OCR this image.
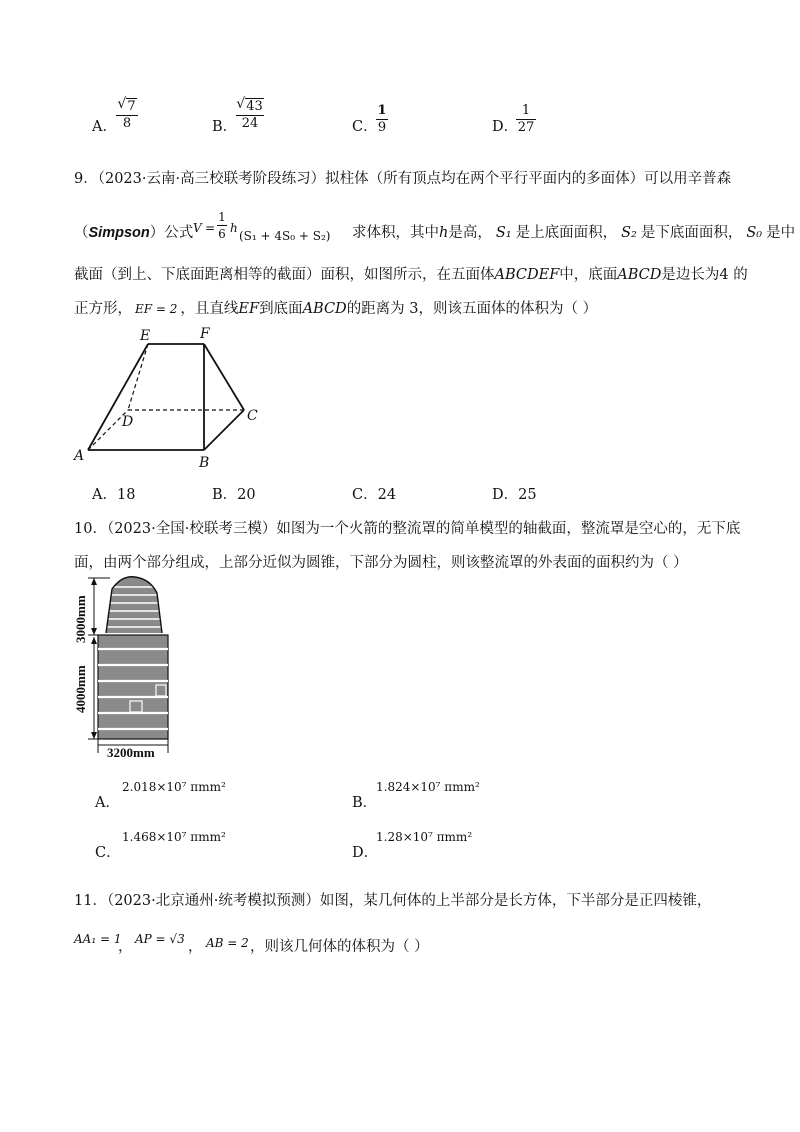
A．
√ 7
8	B．
√ 43
24	C．
1
9	D．
1
27
9．（2023·云南·高三校联考阶段练习）拟柱体（所有顶点均在两个平行平面内的多面体）可以用辛普森
（Simpson）公式 V =
1
6 h
(S₁ + 4S₀ + S₂) 求体积，其中h是高， S₁ 是上底面面积， S₂ 是下底面面积， S₀ 是中
截面（到上、下底面距离相等的截面）面积，如图所示，在五面体ABCDEF中，底面ABCD是边长为4 的
正方形， EF = 2 ，且直线EF到底面ABCD的距离为 3，则该五面体的体积为（ ）
E	F
D	C
A	B
A．18	B．20	C．24	D．25
10．（2023·全国·校联考三模）如图为一个火箭的整流罩的简单模型的轴截面，整流罩是空心的，无下底
面，由两个部分组成，上部分近似为圆锥，下部分为圆柱，则该整流罩的外表面的面积约为（ ）
3000mm
4000mm
3200mm
A．
2.018×10⁷ πmm²
B．
1.824×10⁷ πmm²
C．
1.468×10⁷ πmm²
D．
1.28×10⁷ πmm²
11．（2023·北京通州·统考模拟预测）如图，某几何体的上半部分是长方体，下半部分是正四棱锥，
AA₁ = 1
， AP = √3 ， AB = 2 ，则该几何体的体积为（ ）
